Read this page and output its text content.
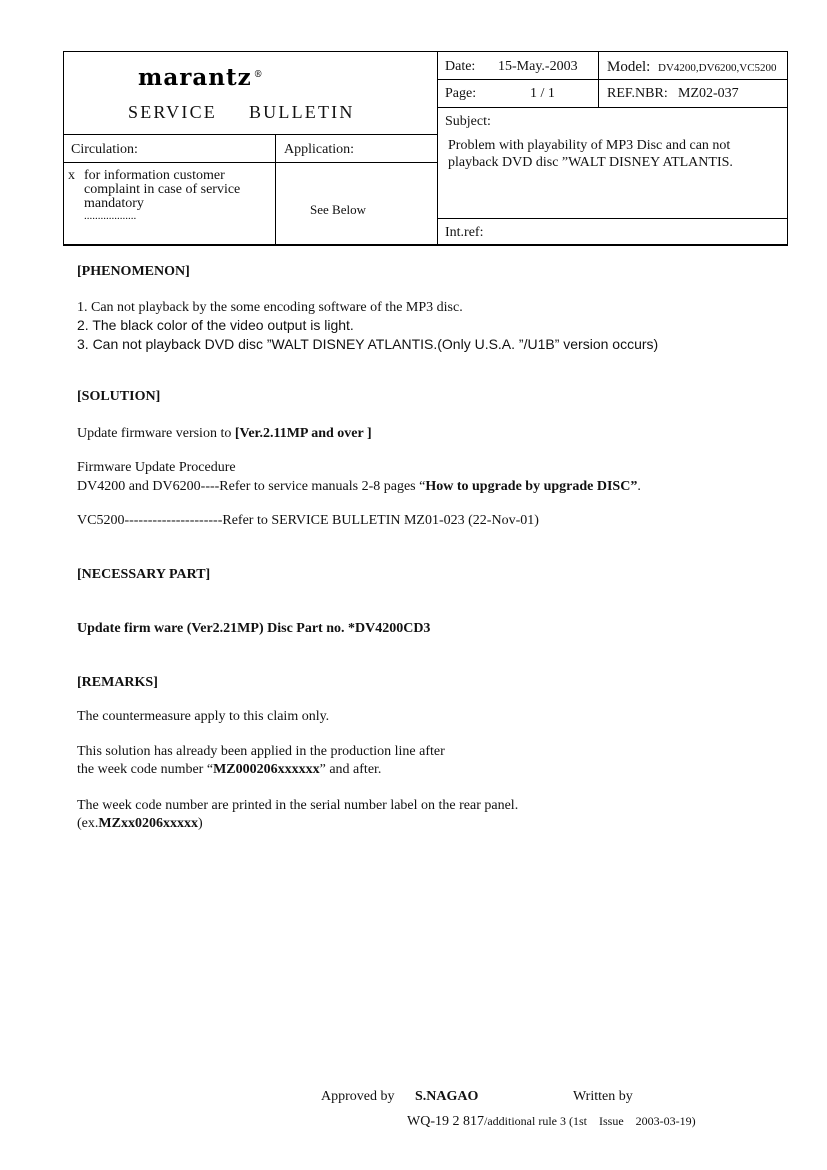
marantz ®
SERVICE BULLETIN
Date: 15-May.-2003 Model: DV4200,DV6200,VC5200
Page:	1 / 1	REF.NBR: MZ02-037
Subject:
Problem with playability of MP3 Disc and can not
playback DVD disc ”WALT DISNEY ATLANTIS.
Circulation:	Application:
x for information customer
complaint in case of service
mandatory
...................	See Below
Int.ref:
[PHENOMENON]
1. Can not playback by the some encoding software of the MP3 disc.
2. The black color of the video output is light.
3. Can not playback DVD disc ”WALT DISNEY ATLANTIS.(Only U.S.A. ”/U1B” version occurs)
[SOLUTION]
Update firmware version to [Ver.2.11MP and over ]
Firmware Update Procedure
DV4200 and DV6200----Refer to service manuals 2-8 pages “How to upgrade by upgrade DISC”.
VC5200---------------------Refer to SERVICE BULLETIN MZ01-023 (22-Nov-01)
[NECESSARY PART]
Update firm ware (Ver2.21MP) Disc Part no. *DV4200CD3
[REMARKS]
The countermeasure apply to this claim only.
This solution has already been applied in the production line after
the week code number “MZ000206xxxxxx” and after.
The week code number are printed in the serial number label on the rear panel.
(ex.MZxx0206xxxxx)
Approved by S.NAGAO	Written by
WQ-19 2 817/additional rule 3 (1st    Issue    2003-03-19)
